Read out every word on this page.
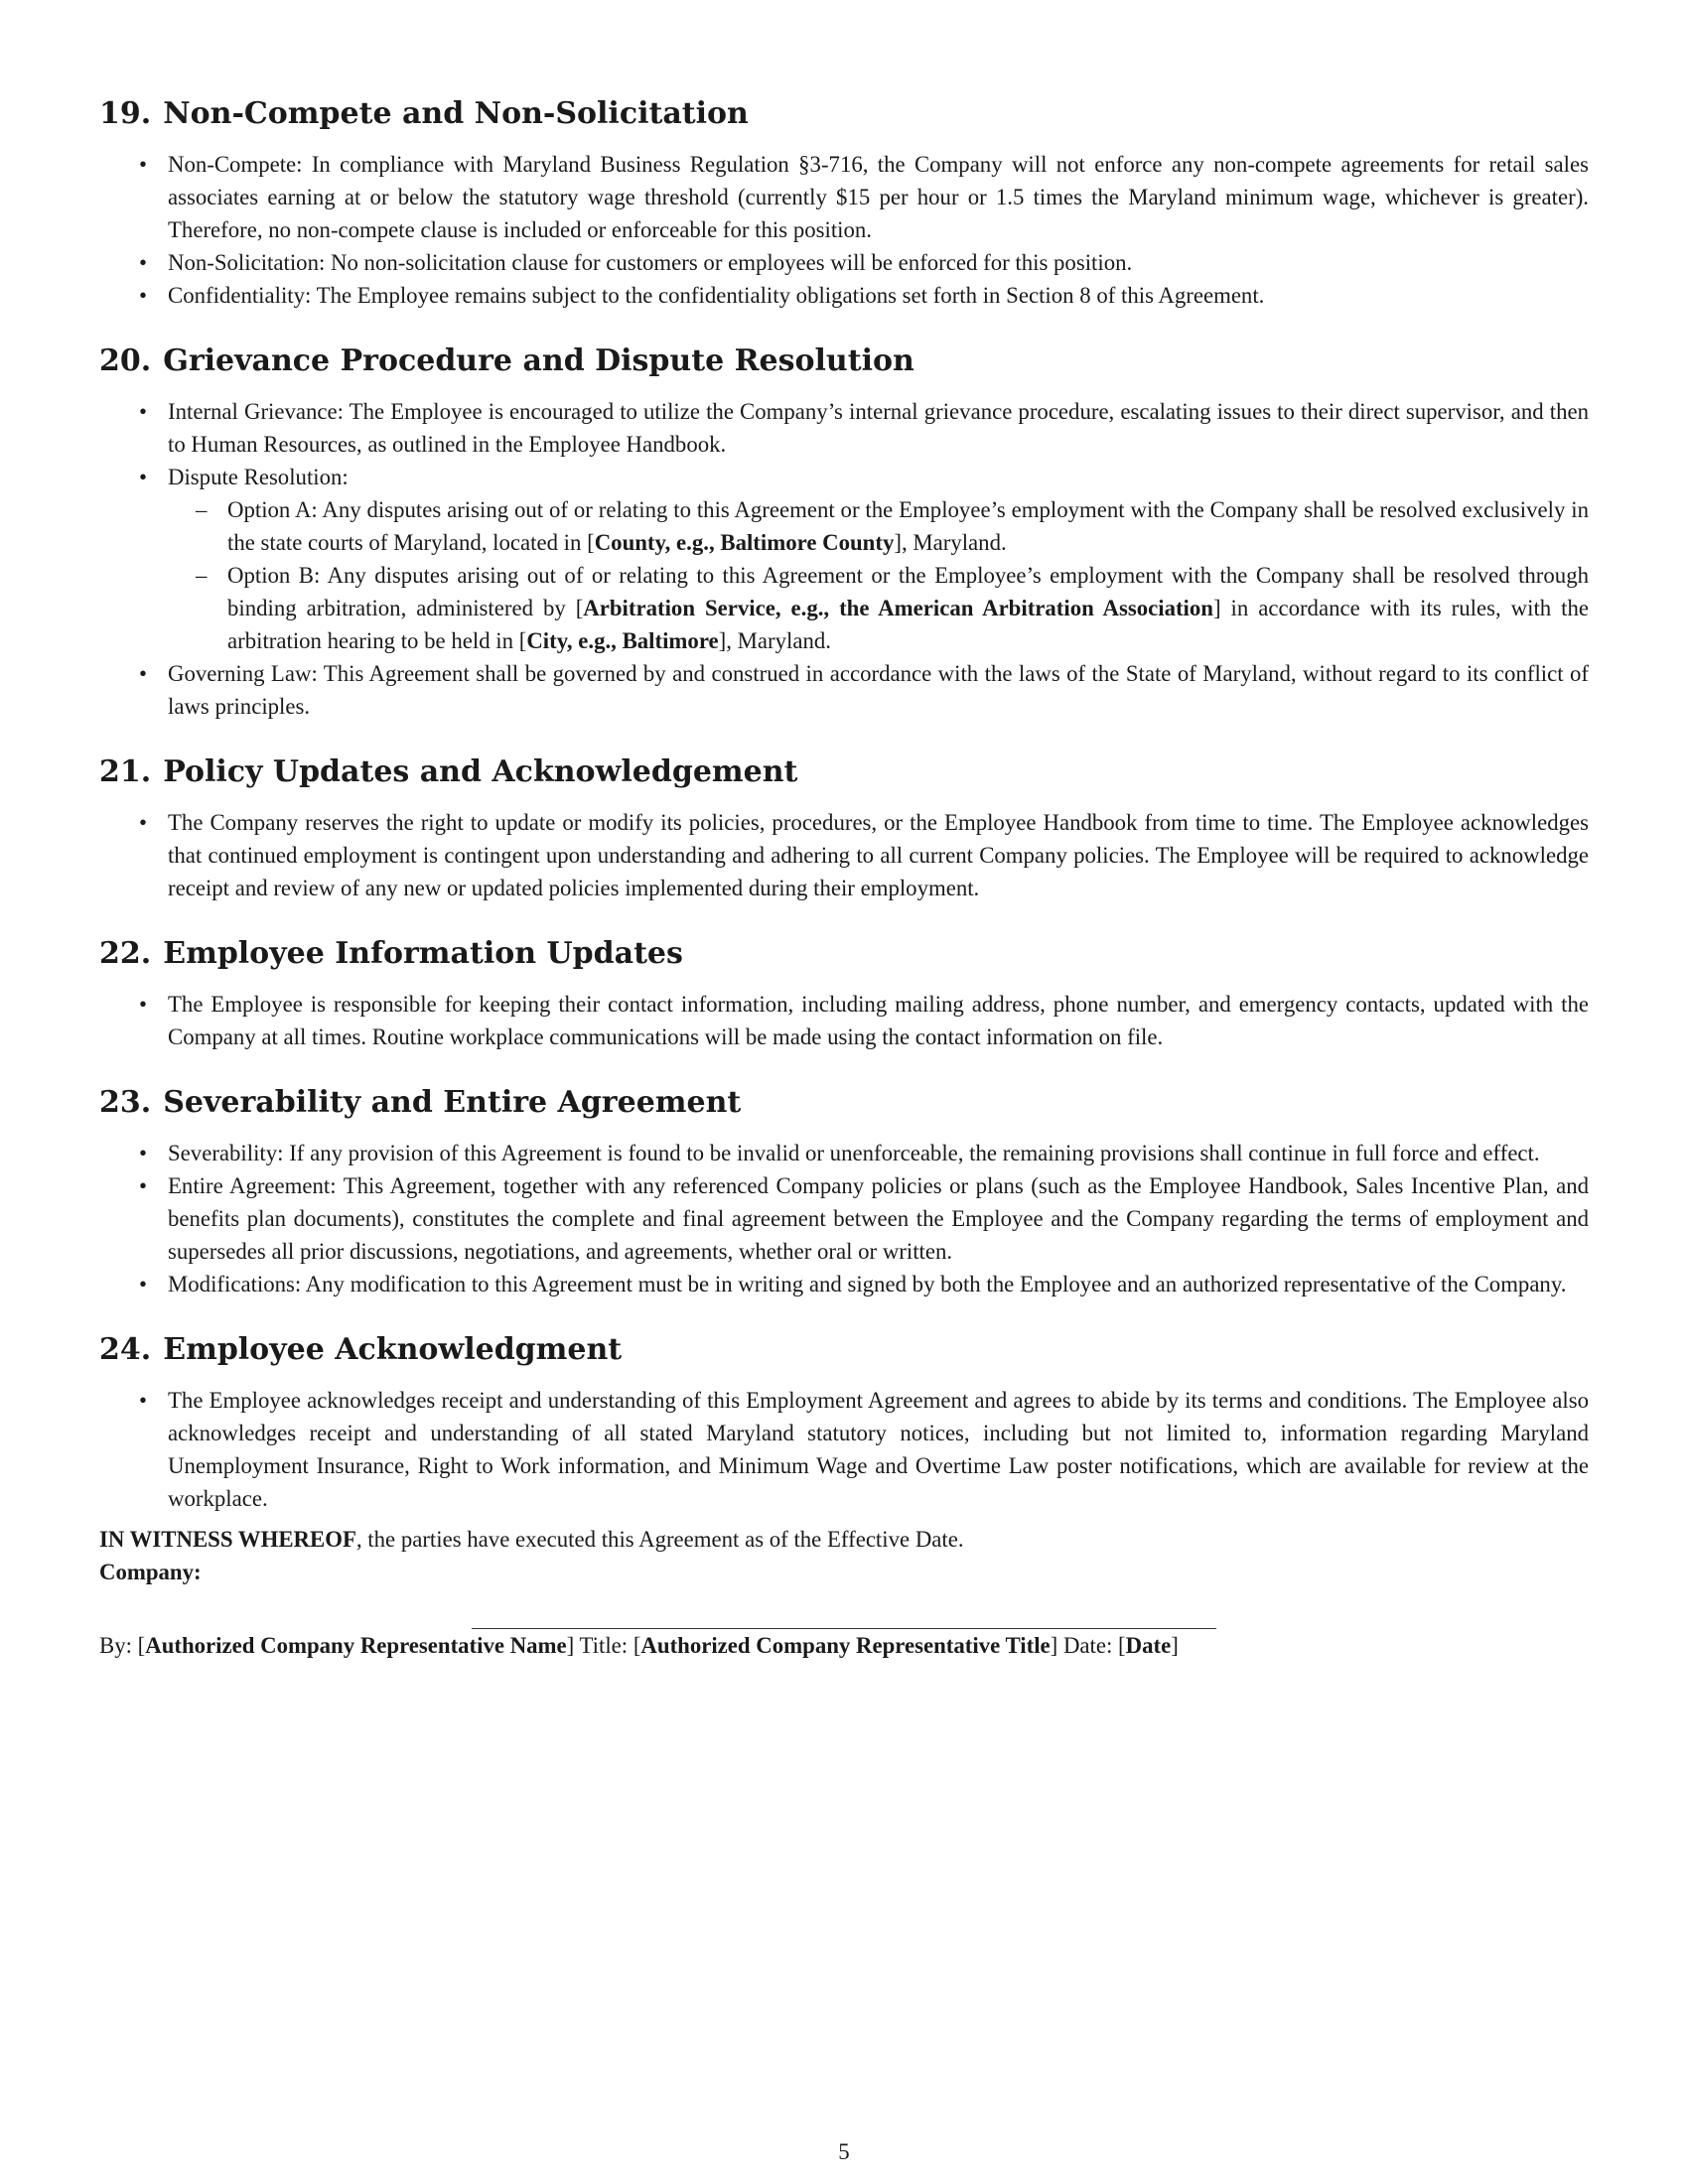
19. Non-Compete and Non-Solicitation
• Non-Compete: In compliance with Maryland Business Regulation §3-716, the Company will not enforce any non-compete agreements for retail sales associates earning at or below the statutory wage threshold (currently $15 per hour or 1.5 times the Maryland minimum wage, whichever is greater). Therefore, no non-compete clause is included or enforceable for this position.
• Non-Solicitation: No non-solicitation clause for customers or employees will be enforced for this position.
• Confidentiality: The Employee remains subject to the confidentiality obligations set forth in Section 8 of this Agreement.
20. Grievance Procedure and Dispute Resolution
• Internal Grievance: The Employee is encouraged to utilize the Company’s internal grievance procedure, escalating issues to their direct supervisor, and then to Human Resources, as outlined in the Employee Handbook.
• Dispute Resolution:
– Option A: Any disputes arising out of or relating to this Agreement or the Employee’s employment with the Company shall be resolved exclusively in the state courts of Maryland, located in [County, e.g., Baltimore County], Maryland.
– Option B: Any disputes arising out of or relating to this Agreement or the Employee’s employment with the Company shall be resolved through binding arbitration, administered by [Arbitration Service, e.g., the American Arbitration Association] in accordance with its rules, with the arbitration hearing to be held in [City, e.g., Baltimore], Maryland.
• Governing Law: This Agreement shall be governed by and construed in accordance with the laws of the State of Maryland, without regard to its conflict of laws principles.
21. Policy Updates and Acknowledgement
• The Company reserves the right to update or modify its policies, procedures, or the Employee Handbook from time to time. The Employee acknowledges that continued employment is contingent upon understanding and adhering to all current Company policies. The Employee will be required to acknowledge receipt and review of any new or updated policies implemented during their employment.
22. Employee Information Updates
• The Employee is responsible for keeping their contact information, including mailing address, phone number, and emergency contacts, updated with the Company at all times. Routine workplace communications will be made using the contact information on file.
23. Severability and Entire Agreement
• Severability: If any provision of this Agreement is found to be invalid or unenforceable, the remaining provisions shall continue in full force and effect.
• Entire Agreement: This Agreement, together with any referenced Company policies or plans (such as the Employee Handbook, Sales Incentive Plan, and benefits plan documents), constitutes the complete and final agreement between the Employee and the Company regarding the terms of employment and supersedes all prior discussions, negotiations, and agreements, whether oral or written.
• Modifications: Any modification to this Agreement must be in writing and signed by both the Employee and an authorized representative of the Company.
24. Employee Acknowledgment
• The Employee acknowledges receipt and understanding of this Employment Agreement and agrees to abide by its terms and conditions. The Employee also acknowledges receipt and understanding of all stated Maryland statutory notices, including but not limited to, information regarding Maryland Unemployment Insurance, Right to Work information, and Minimum Wage and Overtime Law poster notifications, which are available for review at the workplace.

IN WITNESS WHEREOF, the parties have executed this Agreement as of the Effective Date.

Company:

By: [Authorized Company Representative Name] Title: [Authorized Company Representative Title] Date: [Date]

5
